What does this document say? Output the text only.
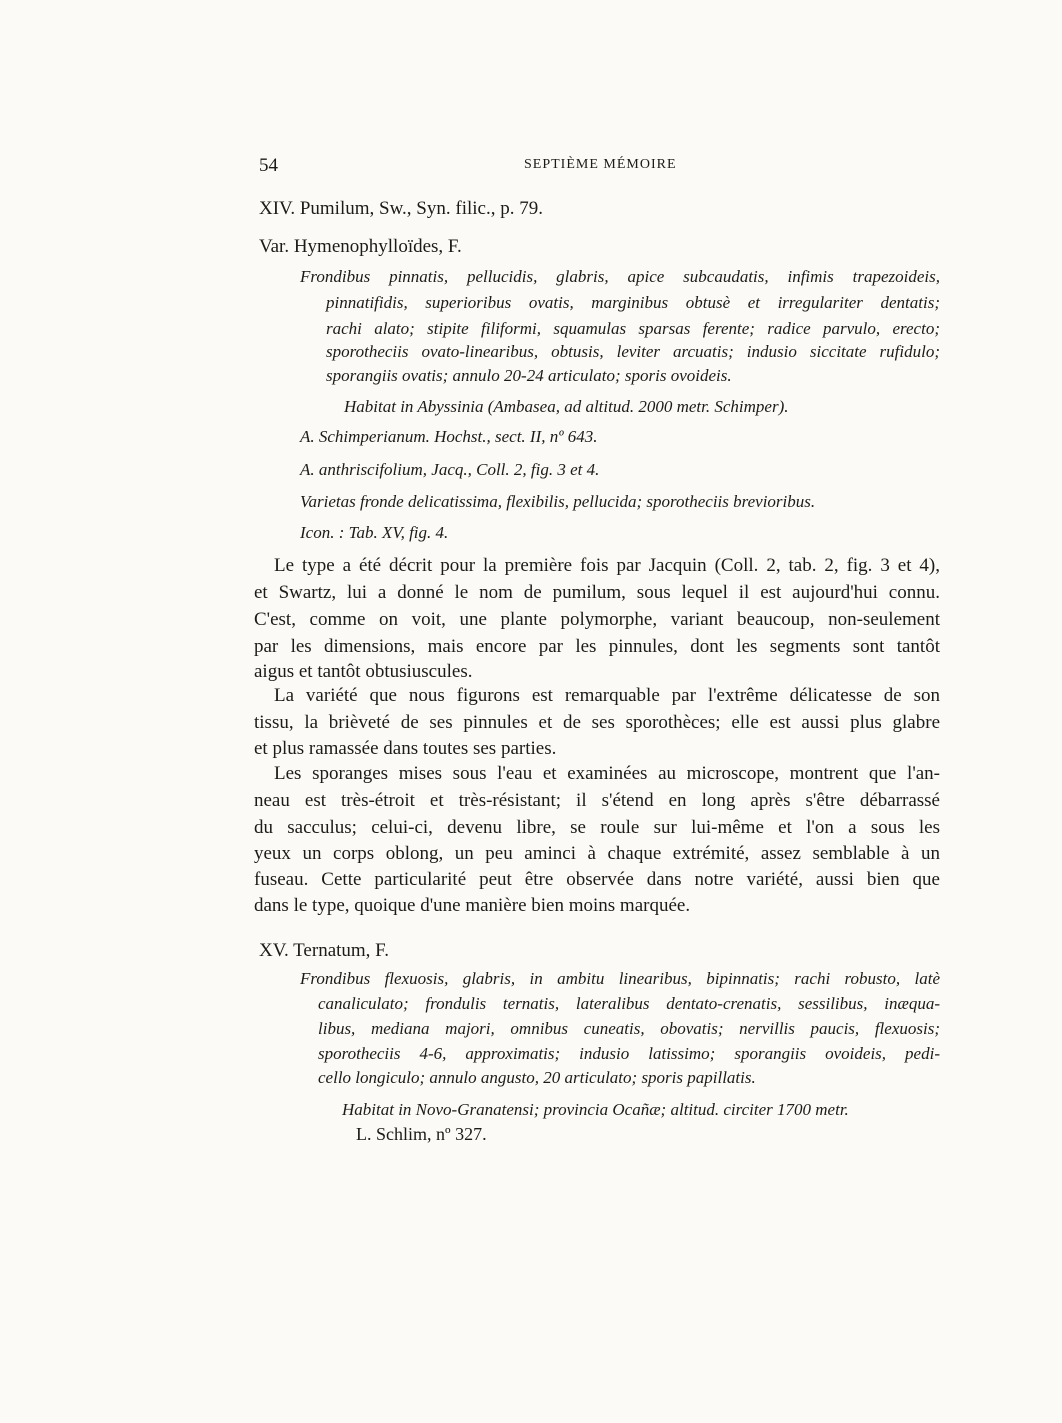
54	SEPTIÈME MÉMOIRE
XIV. Pumilum, Sw., Syn. filic., p. 79.
Var. Hymenophylloïdes, F.
Frondibus pinnatis, pellucidis, glabris, apice subcaudatis, infimis trapezoideis,
pinnatifidis, superioribus ovatis, marginibus obtusè et irregulariter dentatis;
rachi alato; stipite filiformi, squamulas sparsas ferente; radice parvulo, erecto;
sporotheciis ovato-linearibus, obtusis, leviter arcuatis; indusio siccitate rufidulo;
sporangiis ovatis; annulo 20-24 articulato; sporis ovoideis.
Habitat in Abyssinia (Ambasea, ad altitud. 2000 metr. Schimper).
A. Schimperianum. Hochst., sect. II, nº 643.
A. anthriscifolium, Jacq., Coll. 2, fig. 3 et 4.
Varietas fronde delicatissima, flexibilis, pellucida; sporotheciis brevioribus.
Icon. : Tab. XV, fig. 4.
Le type a été décrit pour la première fois par Jacquin (Coll. 2, tab. 2, fig. 3 et 4),
et Swartz, lui a donné le nom de pumilum, sous lequel il est aujourd'hui connu.
C'est, comme on voit, une plante polymorphe, variant beaucoup, non-seulement
par les dimensions, mais encore par les pinnules, dont les segments sont tantôt
aigus et tantôt obtusiuscules.
La variété que nous figurons est remarquable par l'extrême délicatesse de son
tissu, la brièveté de ses pinnules et de ses sporothèces; elle est aussi plus glabre
et plus ramassée dans toutes ses parties.
Les sporanges mises sous l'eau et examinées au microscope, montrent que l'an-
neau est très-étroit et très-résistant; il s'étend en long après s'être débarrassé
du sacculus; celui-ci, devenu libre, se roule sur lui-même et l'on a sous les
yeux un corps oblong, un peu aminci à chaque extrémité, assez semblable à un
fuseau. Cette particularité peut être observée dans notre variété, aussi bien que
dans le type, quoique d'une manière bien moins marquée.
XV. Ternatum, F.
Frondibus flexuosis, glabris, in ambitu linearibus, bipinnatis; rachi robusto, latè
canaliculato; frondulis ternatis, lateralibus dentato-crenatis, sessilibus, inæqua-
libus, mediana majori, omnibus cuneatis, obovatis; nervillis paucis, flexuosis;
sporotheciis 4-6, approximatis; indusio latissimo; sporangiis ovoideis, pedi-
cello longiculo; annulo angusto, 20 articulato; sporis papillatis.
Habitat in Novo-Granatensi; provincia Ocañæ; altitud. circiter 1700 metr.
L. Schlim, nº 327.
